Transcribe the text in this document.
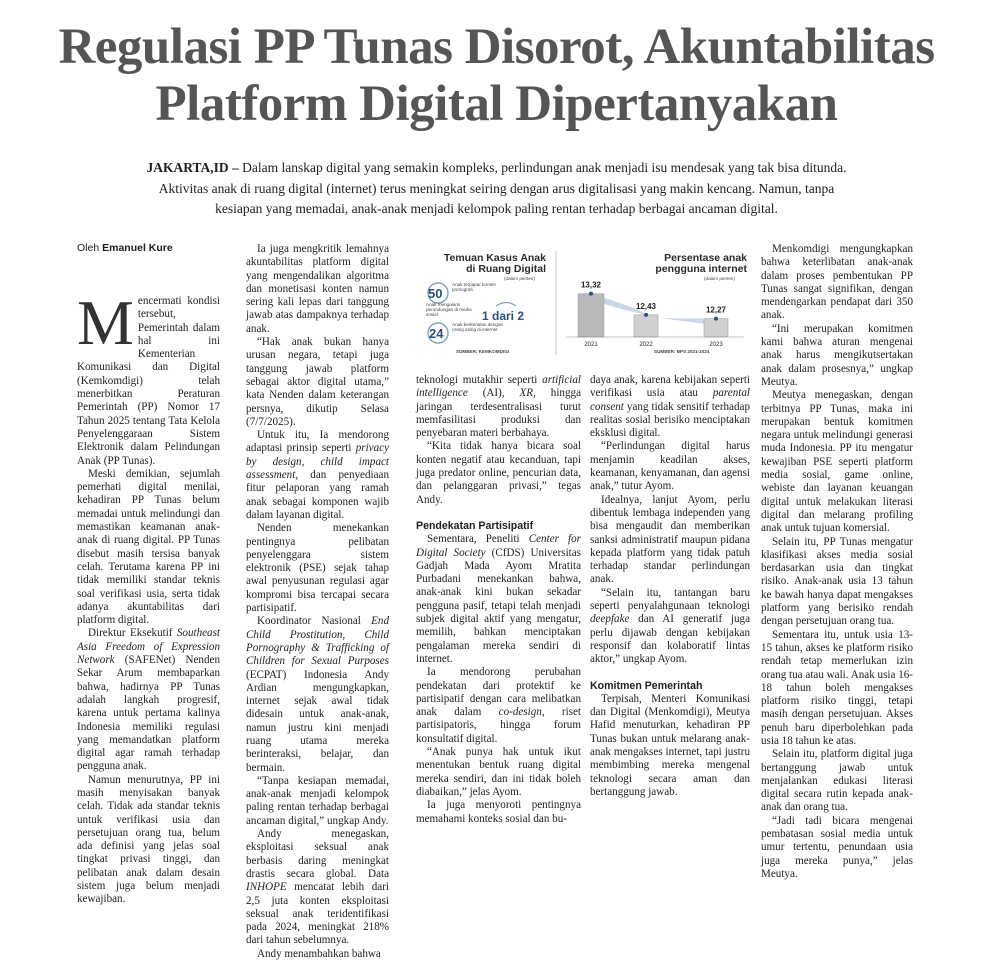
Regulasi PP Tunas Disorot, Akuntabilitas
Platform Digital Dipertanyakan
JAKARTA,ID – Dalam lanskap digital yang semakin kompleks, perlindungan anak menjadi isu mendesak yang tak bisa ditunda.
Aktivitas anak di ruang digital (internet) terus meningkat seiring dengan arus digitalisasi yang makin kencang. Namun, tanpa
kesiapan yang memadai, anak-anak menjadi kelompok paling rentan terhadap berbagai ancaman digital.
Oleh Emanuel Kure

Mencermati kondisi tersebut, Pemerintah dalam hal ini Kementerian Komunikasi dan Digital (Kemkomdigi) telah menerbitkan Peraturan Pemerintah (PP) Nomor 17 Tahun 2025 tentang Tata Kelola Penyelenggaraan Sistem Elektronik dalam Pelindungan Anak (PP Tunas).

Meski demikian, sejumlah pemerhati digital menilai, kehadiran PP Tunas belum memadai untuk melindungi dan memastikan keamanan anak-anak di ruang digital. PP Tunas disebut masih tersisa banyak celah. Terutama karena PP ini tidak memiliki standar teknis soal verifikasi usia, serta tidak adanya akuntabilitas dari platform digital.

Direktur Eksekutif Southeast Asia Freedom of Expression Network (SAFENet) Nenden Sekar Arum membaparkan bahwa, hadirnya PP Tunas adalah langkah progresif, karena untuk pertama kalinya Indonesia memiliki regulasi yang memandatkan platform digital agar ramah terhadap pengguna anak.

Namun menurutnya, PP ini masih menyisakan banyak celah. Tidak ada standar teknis untuk verifikasi usia dan persetujuan orang tua, belum ada definisi yang jelas soal tingkat privasi tinggi, dan pelibatan anak dalam desain sistem juga belum menjadi kewajiban.

Ia juga mengkritik lemahnya akuntabilitas platform digital yang mengendalikan algoritma dan monetisasi konten namun sering kali lepas dari tanggung jawab atas dampaknya terhadap anak.

“Hak anak bukan hanya urusan negara, tetapi juga tanggung jawab platform sebagai aktor digital utama,” kata Nenden dalam keterangan persnya, dikutip Selasa (7/7/2025).

Untuk itu, Ia mendorong adaptasi prinsip seperti privacy by design, child impact assessment, dan penyediaan fitur pelaporan yang ramah anak sebagai komponen wajib dalam layanan digital.

Nenden menekankan pentingnya pelibatan penyelenggara sistem elektronik (PSE) sejak tahap awal penyusunan regulasi agar kompromi bisa tercapai secara partisipatif.

Koordinator Nasional End Child Prostitution, Child Pornography & Trafficking of Children for Sexual Purposes (ECPAT) Indonesia Andy Ardian mengungkapkan, internet sejak awal tidak didesain untuk anak-anak, namun justru kini menjadi ruang utama mereka berinteraksi, belajar, dan bermain.

“Tanpa kesiapan memadai, anak-anak menjadi kelompok paling rentan terhadap berbagai ancaman digital,” ungkap Andy.

Andy menegaskan, eksploitasi seksual anak berbasis daring meningkat drastis secara global. Data INHOPE mencatat lebih dari 2,5 juta konten eksploitasi seksual anak teridentifikasi pada 2024, meningkat 218% dari tahun sebelumnya.

Andy menambahkan bahwa

13,32
2021
12,43
2022
12,27
2023
Temuan Kasus Anak
di Ruang Digital
(dalam persen)
50
Anak terpapar konten pornografi
Anak mengalami perundungan di media sosial	1 dari 2
24
Anak berkenalan dengan orang asing di internet
SUMBER: KEMKOMDIGI
Persentase anak
pengguna internet
(dalam persen)
SUMBER: BPS 2021-2024

teknologi mutakhir seperti artificial intelligence (AI), XR, hingga jaringan terdesentralisasi turut memfasilitasi produksi dan penyebaran materi berbahaya.

“Kita tidak hanya bicara soal konten negatif atau kecanduan, tapi juga predator online, pencurian data, dan pelanggaran privasi,” tegas Andy.

Pendekatan Partisipatif

Sementara, Peneliti Center for Digital Society (CfDS) Universitas Gadjah Mada Ayom Mratita Purbadani menekankan bahwa, anak-anak kini bukan sekadar pengguna pasif, tetapi telah menjadi subjek digital aktif yang mengatur, memilih, bahkan menciptakan pengalaman mereka sendiri di internet.

Ia mendorong perubahan pendekatan dari protektif ke partisipatif dengan cara melibatkan anak dalam co-design, riset partisipatoris, hingga forum konsultatif digital.

“Anak punya hak untuk ikut menentukan bentuk ruang digital mereka sendiri, dan ini tidak boleh diabaikan,” jelas Ayom.

Ia juga menyoroti pentingnya memahami konteks sosial dan bu-

daya anak, karena kebijakan seperti verifikasi usia atau parental consent yang tidak sensitif terhadap realitas sosial berisiko menciptakan eksklusi digital.

“Perlindungan digital harus menjamin keadilan akses, keamanan, kenyamanan, dan agensi anak,” tutur Ayom.

Idealnya, lanjut Ayom, perlu dibentuk lembaga independen yang bisa mengaudit dan memberikan sanksi administratif maupun pidana kepada platform yang tidak patuh terhadap standar perlindungan anak.

“Selain itu, tantangan baru seperti penyalahgunaan teknologi deepfake dan AI generatif juga perlu dijawab dengan kebijakan responsif dan kolaboratif lintas aktor,” ungkap Ayom.

Komitmen Pemerintah

Terpisah, Menteri Komunikasi dan Digital (Menkomdigi), Meutya Hafid menuturkan, kehadiran PP Tunas bukan untuk melarang anak-anak mengakses internet, tapi justru membimbing mereka mengenal teknologi secara aman dan bertanggung jawab.

Menkomdigi mengungkapkan bahwa keterlibatan anak-anak dalam proses pembentukan PP Tunas sangat signifikan, dengan mendengarkan pendapat dari 350 anak.

“Ini merupakan komitmen kami bahwa aturan mengenai anak harus mengikutsertakan anak dalam prosesnya,” ungkap Meutya.

Meutya menegaskan, dengan terbitnya PP Tunas, maka ini merupakan bentuk komitmen negara untuk melindungi generasi muda Indonesia. PP itu mengatur kewajiban PSE seperti platform media sosial, game online, webiste dan layanan keuangan digital untuk melakukan literasi digital dan melarang profiling anak untuk tujuan komersial.

Selain itu, PP Tunas mengatur klasifikasi akses media sosial berdasarkan usia dan tingkat risiko. Anak-anak usia 13 tahun ke bawah hanya dapat mengakses platform yang berisiko rendah dengan persetujuan orang tua.

Sementara itu, untuk usia 13-15 tahun, akses ke platform risiko rendah tetap memerlukan izin orang tua atau wali. Anak usia 16-18 tahun boleh mengakses platform risiko tinggi, tetapi masih dengan persetujuan. Akses penuh baru diperbolehkan pada usia 18 tahun ke atas.

Selain itu, platform digital juga bertanggung jawab untuk menjalankan edukasi literasi digital secara rutin kepada anak-anak dan orang tua.

“Jadi tadi bicara mengenai pembatasan sosial media untuk umur tertentu, penundaan usia juga mereka punya,” jelas Meutya.
